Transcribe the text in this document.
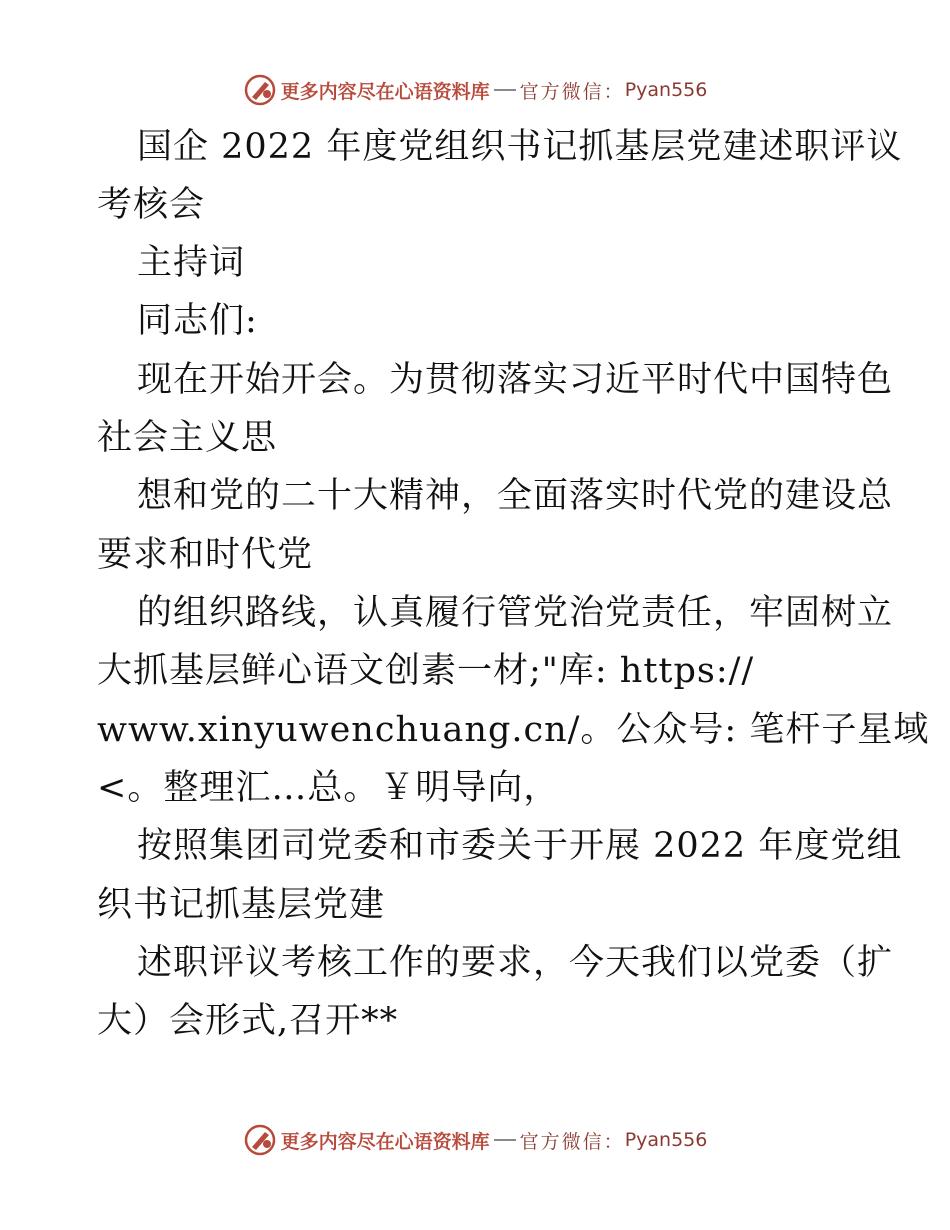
更多内容尽在心语资料库 官方微信： Pyan556
国企 2022 年度党组织书记抓基层党建述职评议
考核会
主持词
同志们:
现在开始开会。为贯彻落实习近平时代中国特色
社会主义思
想和党的二十大精神，全面落实时代党的建设总
要求和时代党
的组织路线，认真履行管党治党责任，牢固树立
大抓基层鲜心语文创素一材;"库: https://
www.xinyuwenchuang.cn/。公众号: 笔杆子星域
<。整理汇…总。￥明导向，
按照集团司党委和市委关于开展 2022 年度党组
织书记抓基层党建
述职评议考核工作的要求，今天我们以党委（扩
大）会形式,召开**
更多内容尽在心语资料库 官方微信： Pyan556
